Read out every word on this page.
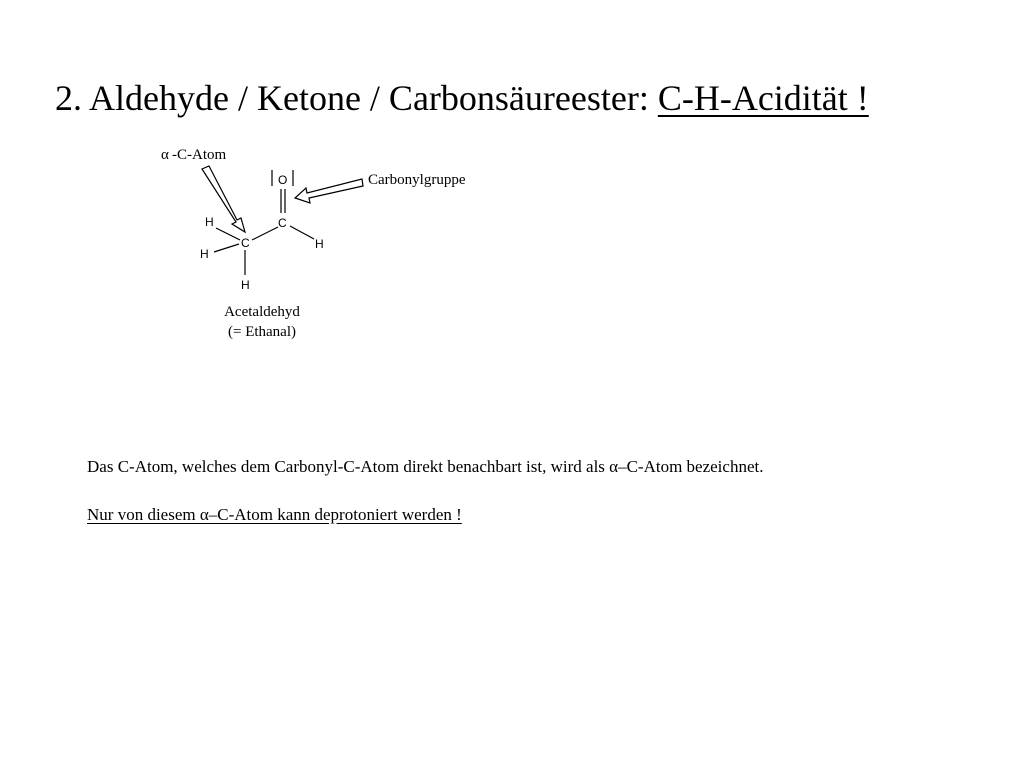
2. Aldehyde / Ketone / Carbonsäureester: C-H-Acidität !
α -C-Atom
Carbonylgruppe
O
C
H
C
H
H
H
Acetaldehyd
(= Ethanal)

Das C-Atom, welches dem Carbonyl-C-Atom direkt benachbart ist, wird als α–C-Atom bezeichnet.

Nur von diesem α–C-Atom kann deprotoniert werden !
